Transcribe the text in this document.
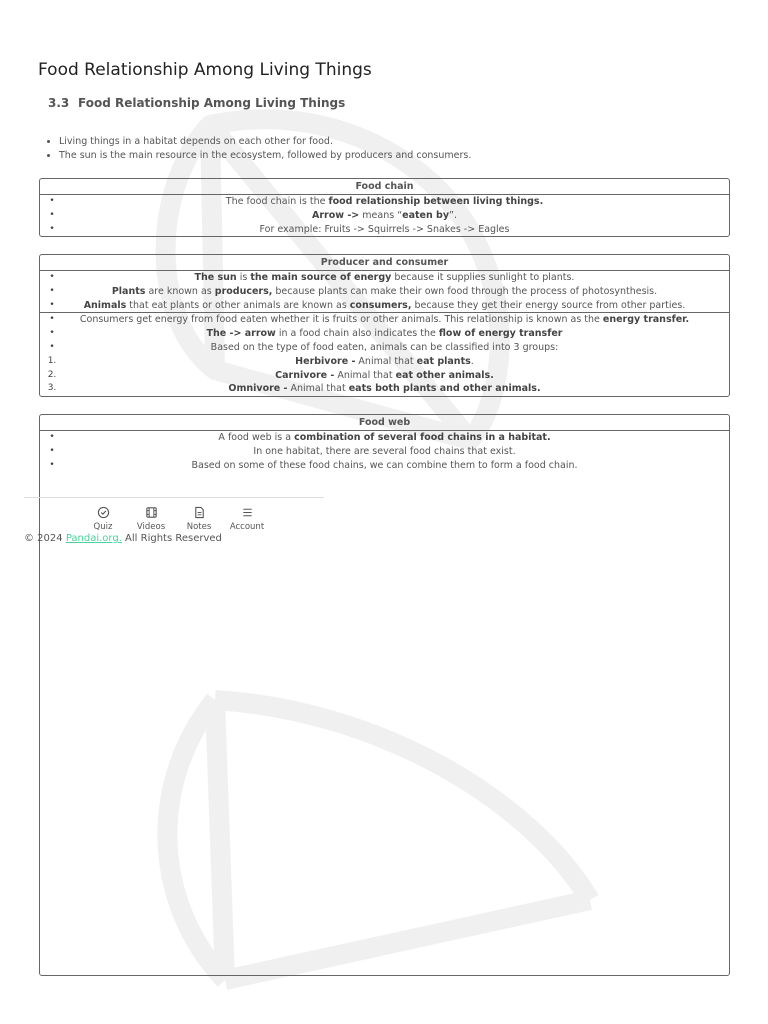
Food Relationship Among Living Things
3.3 Food Relationship Among Living Things
• Living things in a habitat depends on each other for food.
• The sun is the main resource in the ecosystem, followed by producers and consumers.
Food chain
•	The food chain is the food relationship between living things.
•	Arrow -> means “eaten by”.
•	For example: Fruits -> Squirrels -> Snakes -> Eagles
Producer and consumer
•	The sun is the main source of energy because it supplies sunlight to plants.
•	Plants are known as producers, because plants can make their own food through the process of photosynthesis.
•	Animals that eat plants or other animals are known as consumers, because they get their energy source from other parties.
•	Consumers get energy from food eaten whether it is fruits or other animals. This relationship is known as the energy transfer.
•	The -> arrow in a food chain also indicates the flow of energy transfer
•	Based on the type of food eaten, animals can be classified into 3 groups:
1.	Herbivore - Animal that eat plants.
2.	Carnivore - Animal that eat other animals.
3.	Omnivore - Animal that eats both plants and other animals.
Food web
•	A food web is a combination of several food chains in a habitat.
•	In one habitat, there are several food chains that exist.
•	Based on some of these food chains, we can combine them to form a food chain.
Quiz	Videos	Notes	Account
© 2024 Pandai.org. All Rights Reserved
